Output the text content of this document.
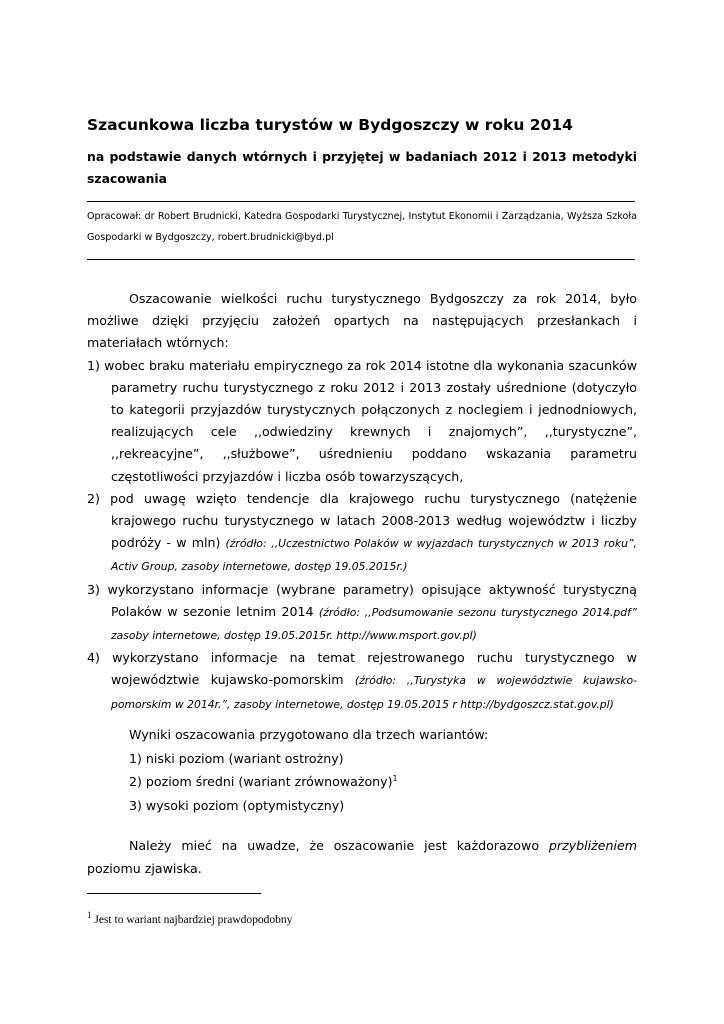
Szacunkowa liczba turystów w Bydgoszczy w roku 2014

na podstawie danych wtórnych i przyjętej w badaniach 2012 i 2013 metodyki szacowania

Opracował: dr Robert Brudnicki, Katedra Gospodarki Turystycznej, Instytut Ekonomii i Zarządzania, Wyższa Szkoła Gospodarki w Bydgoszczy, robert.brudnicki@byd.pl

Oszacowanie wielkości ruchu turystycznego Bydgoszczy za rok 2014, było możliwe dzięki przyjęciu założeń opartych na następujących przesłankach i materiałach wtórnych:

1) wobec braku materiału empirycznego za rok 2014 istotne dla wykonania szacunków parametry ruchu turystycznego z roku 2012 i 2013 zostały uśrednione (dotyczyło to kategorii przyjazdów turystycznych połączonych z noclegiem i jednodniowych, realizujących cele ,,odwiedziny krewnych i znajomych”, ,,turystyczne”, ,,rekreacyjne”, ,,służbowe”, uśrednieniu poddano wskazania parametru częstotliwości przyjazdów i liczba osób towarzyszących,
2) pod uwagę wzięto tendencje dla krajowego ruchu turystycznego (natężenie krajowego ruchu turystycznego w latach 2008-2013 według województw i liczby podróży - w mln) (źródło: ,,Uczestnictwo Polaków w wyjazdach turystycznych w 2013 roku”, Activ Group, zasoby internetowe, dostęp 19.05.2015r.)
3) wykorzystano informacje (wybrane parametry) opisujące aktywność turystyczną Polaków w sezonie letnim 2014 (źródło: ,,Podsumowanie sezonu turystycznego 2014.pdf” zasoby internetowe, dostęp 19.05.2015r. http://www.msport.gov.pl)
4) wykorzystano informacje na temat rejestrowanego ruchu turystycznego w województwie kujawsko-pomorskim (źródło: ,,Turystyka w województwie kujawsko-pomorskim w 2014r.”, zasoby internetowe, dostęp 19.05.2015 r http://bydgoszcz.stat.gov.pl)

Wyniki oszacowania przygotowano dla trzech wariantów:

1) niski poziom (wariant ostrożny)

2) poziom średni (wariant zrównoważony)$^1$

3) wysoki poziom (optymistyczny)

Należy mieć na uwadze, że oszacowanie jest każdorazowo przybliżeniem poziomu zjawiska.

$^1$ Jest to wariant najbardziej prawdopodobny
